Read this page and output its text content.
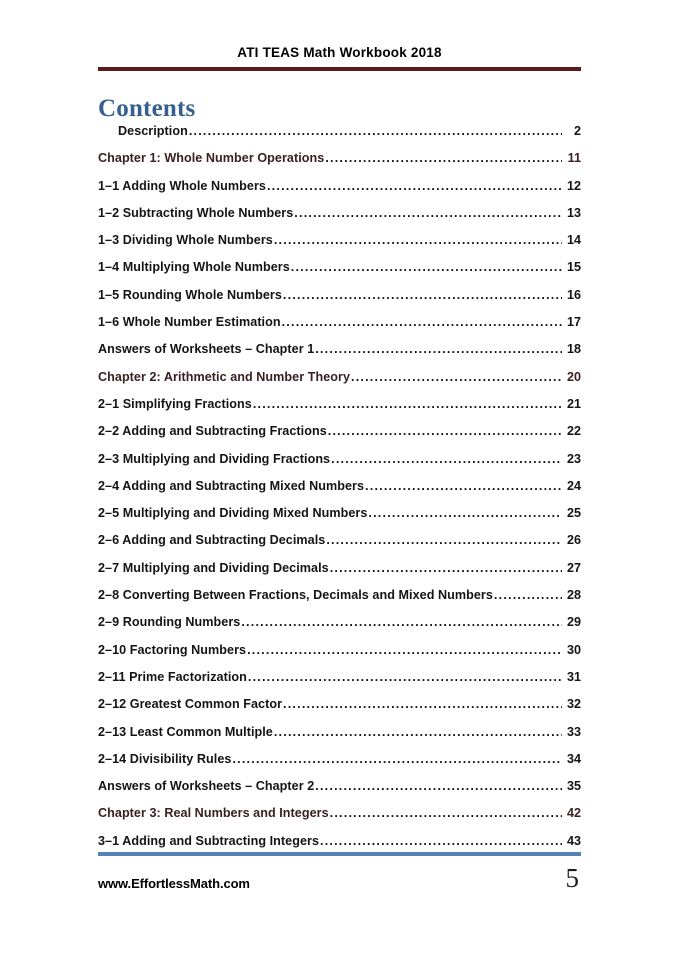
ATI TEAS Math Workbook 2018
Contents
Description .....	2
Chapter 1: Whole Number Operations .....	11
1–1 Adding Whole Numbers .....	12
1–2 Subtracting Whole Numbers .....	13
1–3 Dividing Whole Numbers .....	14
1–4 Multiplying Whole Numbers .....	15
1–5 Rounding Whole Numbers .....	16
1–6 Whole Number Estimation .....	17
Answers of Worksheets – Chapter 1 .....	18
Chapter 2: Arithmetic and Number Theory .....	20
2–1 Simplifying Fractions .....	21
2–2 Adding and Subtracting Fractions .....	22
2–3 Multiplying and Dividing Fractions .....	23
2–4 Adding and Subtracting Mixed Numbers .....	24
2–5 Multiplying and Dividing Mixed Numbers .....	25
2–6 Adding and Subtracting Decimals .....	26
2–7 Multiplying and Dividing Decimals .....	27
2–8 Converting Between Fractions, Decimals and Mixed Numbers .....	28
2–9 Rounding Numbers .....	29
2–10 Factoring Numbers .....	30
2–11 Prime Factorization .....	31
2–12 Greatest Common Factor .....	32
2–13 Least Common Multiple .....	33
2–14 Divisibility Rules .....	34
Answers of Worksheets – Chapter 2 .....	35
Chapter 3: Real Numbers and Integers .....	42
3–1 Adding and Subtracting Integers .....	43
www.EffortlessMath.com	5
